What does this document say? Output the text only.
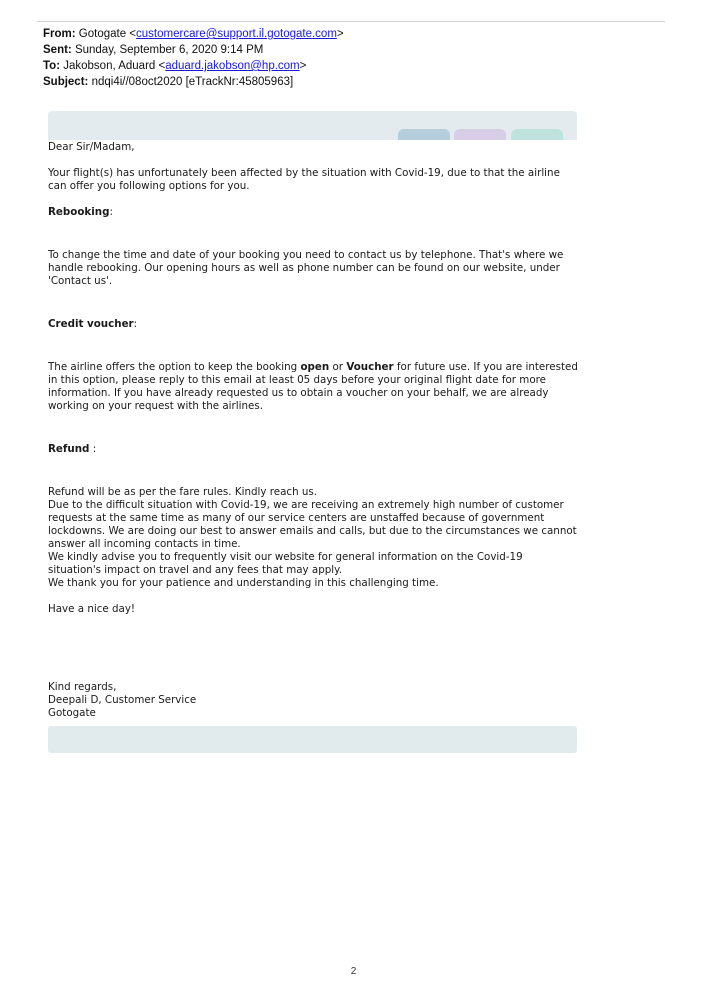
From: Gotogate <customercare@support.il.gotogate.com>
Sent: Sunday, September 6, 2020 9:14 PM
To: Jakobson, Aduard <aduard.jakobson@hp.com>
Subject: ndqi4i//08oct2020 [eTrackNr:45805963]

Dear Sir/Madam,

Your flight(s) has unfortunately been affected by the situation with Covid-19, due to that the airline can offer you following options for you.

Rebooking:

To change the time and date of your booking you need to contact us by telephone. That's where we handle rebooking. Our opening hours as well as phone number can be found on our website, under 'Contact us'.

Credit voucher:

The airline offers the option to keep the booking open or Voucher for future use. If you are interested in this option, please reply to this email at least 05 days before your original flight date for more information. If you have already requested us to obtain a voucher on your behalf, we are already working on your request with the airlines.

Refund :

Refund will be as per the fare rules. Kindly reach us.

Due to the difficult situation with Covid-19, we are receiving an extremely high number of customer requests at the same time as many of our service centers are unstaffed because of government lockdowns. We are doing our best to answer emails and calls, but due to the circumstances we cannot answer all incoming contacts in time.

We kindly advise you to frequently visit our website for general information on the Covid-19 situation's impact on travel and any fees that may apply.

We thank you for your patience and understanding in this challenging time.

Have a nice day!

Kind regards,

Deepali D, Customer Service

Gotogate

2
